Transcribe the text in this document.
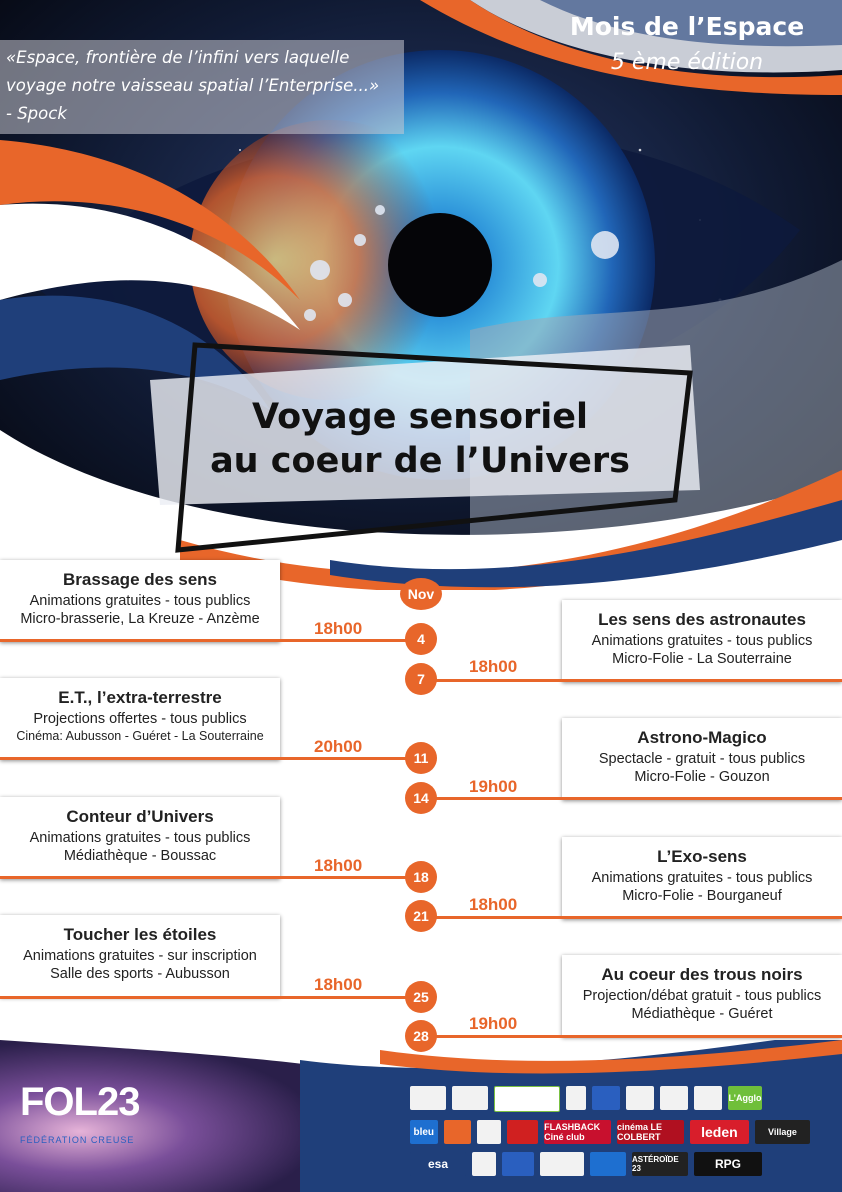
Mois de l’Espace
5 ème édition
«Espace, frontière de l’infini vers laquelle
voyage notre vaisseau spatial l’Enterprise...»
- Spock
Voyage sensoriel
au coeur de l’Univers
Nov
Brassage des sens
Animations gratuites - tous publics
Micro-brasserie, La Kreuze - Anzème	18h00
4
Les sens des astronautes
Animations gratuites - tous publics
Micro-Folie - La Souterraine
18h00
7
E.T., l’extra-terrestre
Projections offertes - tous publics
Cinéma: Aubusson - Guéret - La Souterraine
20h00
11
Astrono-Magico
Spectacle - gratuit - tous publics
Micro-Folie - Gouzon
19h00
14
Conteur d’Univers
Animations gratuites - tous publics
Médiathèque - Boussac	18h00
18
L’Exo-sens
Animations gratuites - tous publics
Micro-Folie - Bourganeuf
18h00
21
Toucher les étoiles
Animations gratuites - sur inscription
Salle des sports - Aubusson
18h00
25
Au coeur des trous noirs
Projection/débat gratuit - tous publics
Médiathèque - Guéret
19h00
28
FOL23
FÉDÉRATION CREUSE
L’Agglo
bleu	FLASHBACK Ciné club
cinéma LE COLBERT	leden	Village
esa	ASTÉROÏDE 23	RPG
